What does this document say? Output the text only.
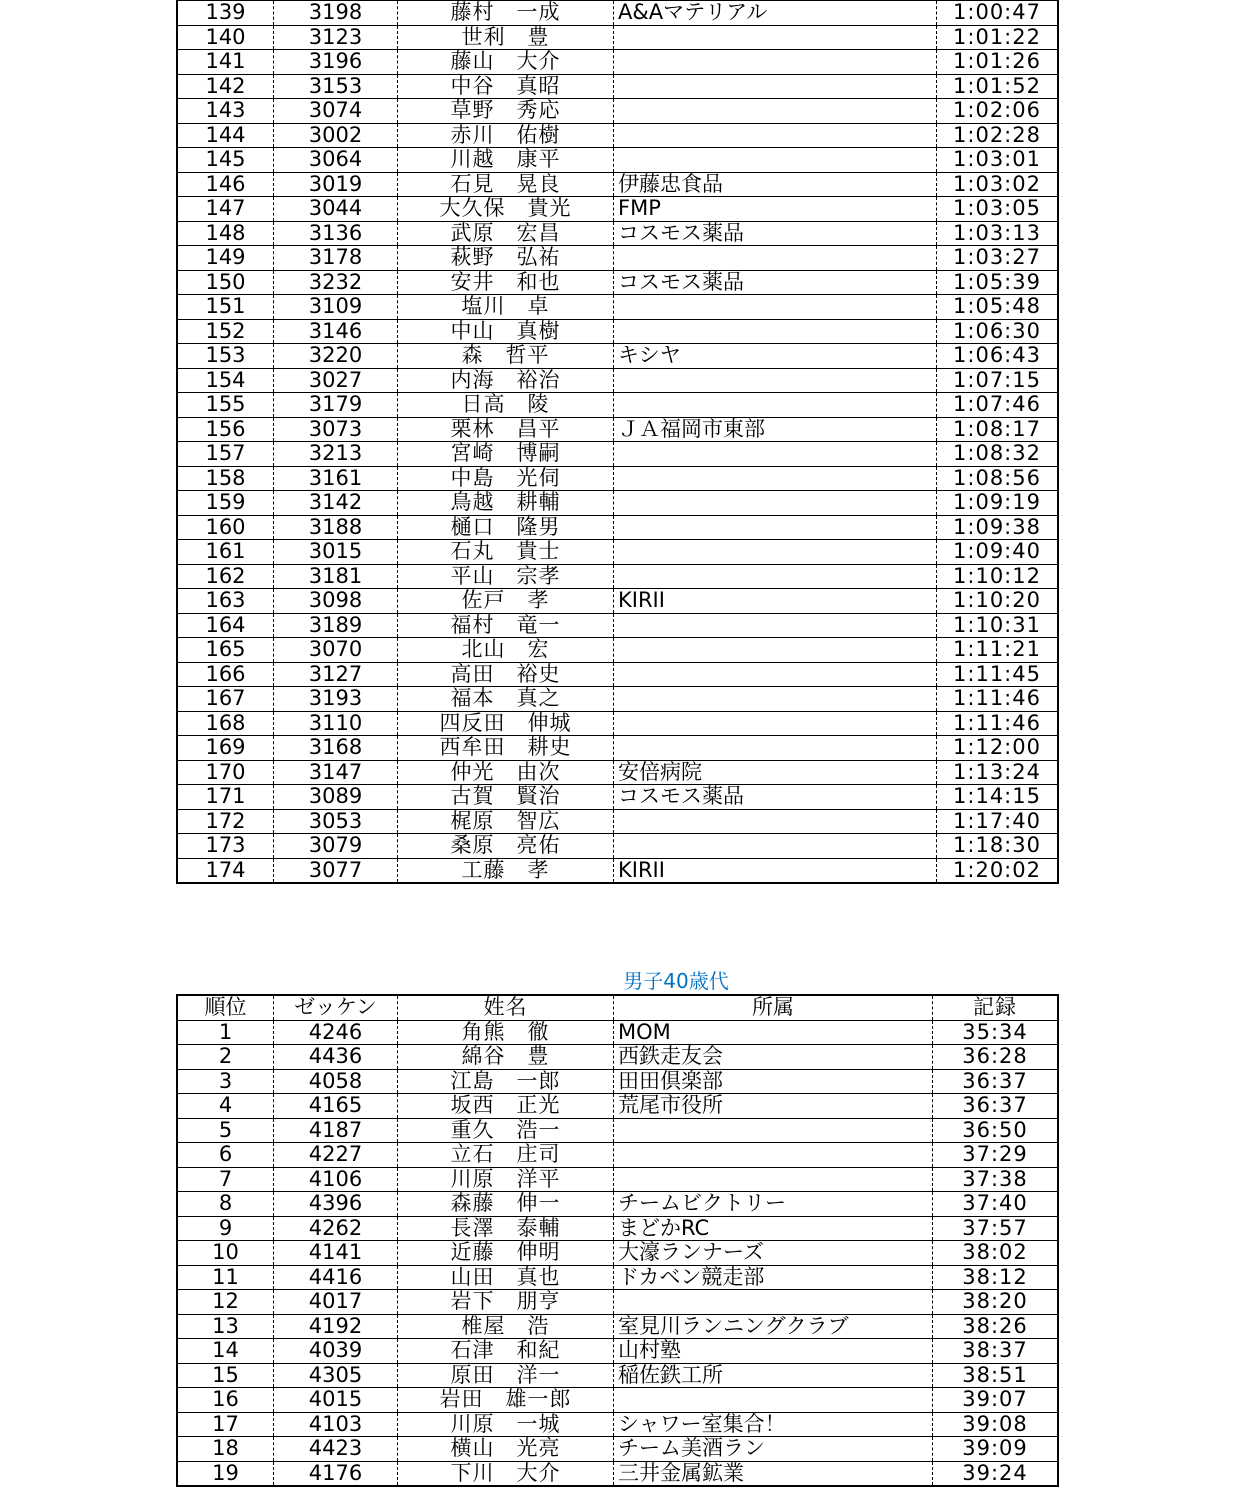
139	3198	藤村　一成	A&Aマテリアル	1:00:47
140	3123	世利　豊		1:01:22
141	3196	藤山　大介		1:01:26
142	3153	中谷　真昭		1:01:52
143	3074	草野　秀応		1:02:06
144	3002	赤川　佑樹		1:02:28
145	3064	川越　康平		1:03:01
146	3019	石見　晃良	伊藤忠食品	1:03:02
147	3044	大久保　貴光	FMP	1:03:05
148	3136	武原　宏昌	コスモス薬品	1:03:13
149	3178	萩野　弘祐		1:03:27
150	3232	安井　和也	コスモス薬品	1:05:39
151	3109	塩川　卓		1:05:48
152	3146	中山　真樹		1:06:30
153	3220	森　哲平	キシヤ	1:06:43
154	3027	内海　裕治		1:07:15
155	3179	日高　陵		1:07:46
156	3073	栗林　昌平	ＪＡ福岡市東部	1:08:17
157	3213	宮崎　博嗣		1:08:32
158	3161	中島　光伺		1:08:56
159	3142	鳥越　耕輔		1:09:19
160	3188	樋口　隆男		1:09:38
161	3015	石丸　貴士		1:09:40
162	3181	平山　宗孝		1:10:12
163	3098	佐戸　孝	KIRII	1:10:20
164	3189	福村　竜一		1:10:31
165	3070	北山　宏		1:11:21
166	3127	高田　裕史		1:11:45
167	3193	福本　真之		1:11:46
168	3110	四反田　伸城		1:11:46
169	3168	西牟田　耕史		1:12:00
170	3147	仲光　由次	安倍病院	1:13:24
171	3089	古賀　賢治	コスモス薬品	1:14:15
172	3053	梶原　智広		1:17:40
173	3079	桑原　亮佑		1:18:30
174	3077	工藤　孝	KIRII	1:20:02
男子40歳代
順位	ゼッケン	姓名	所属	記録
1	4246	角熊　徹	MOM	35:34
2	4436	綿谷　豊	西鉄走友会	36:28
3	4058	江島　一郎	田田倶楽部	36:37
4	4165	坂西　正光	荒尾市役所	36:37
5	4187	重久　浩一		36:50
6	4227	立石　庄司		37:29
7	4106	川原　洋平		37:38
8	4396	森藤　伸一	チームビクトリー	37:40
9	4262	長澤　泰輔	まどかRC	37:57
10	4141	近藤　伸明	大濠ランナーズ	38:02
11	4416	山田　真也	ドカベン競走部	38:12
12	4017	岩下　朋亨		38:20
13	4192	椎屋　浩	室見川ランニングクラブ	38:26
14	4039	石津　和紀	山村塾	38:37
15	4305	原田　洋一	稲佐鉄工所	38:51
16	4015	岩田　雄一郎		39:07
17	4103	川原　一城	シャワー室集合！	39:08
18	4423	横山　光亮	チーム美酒ラン	39:09
19	4176	下川　大介	三井金属鉱業	39:24
